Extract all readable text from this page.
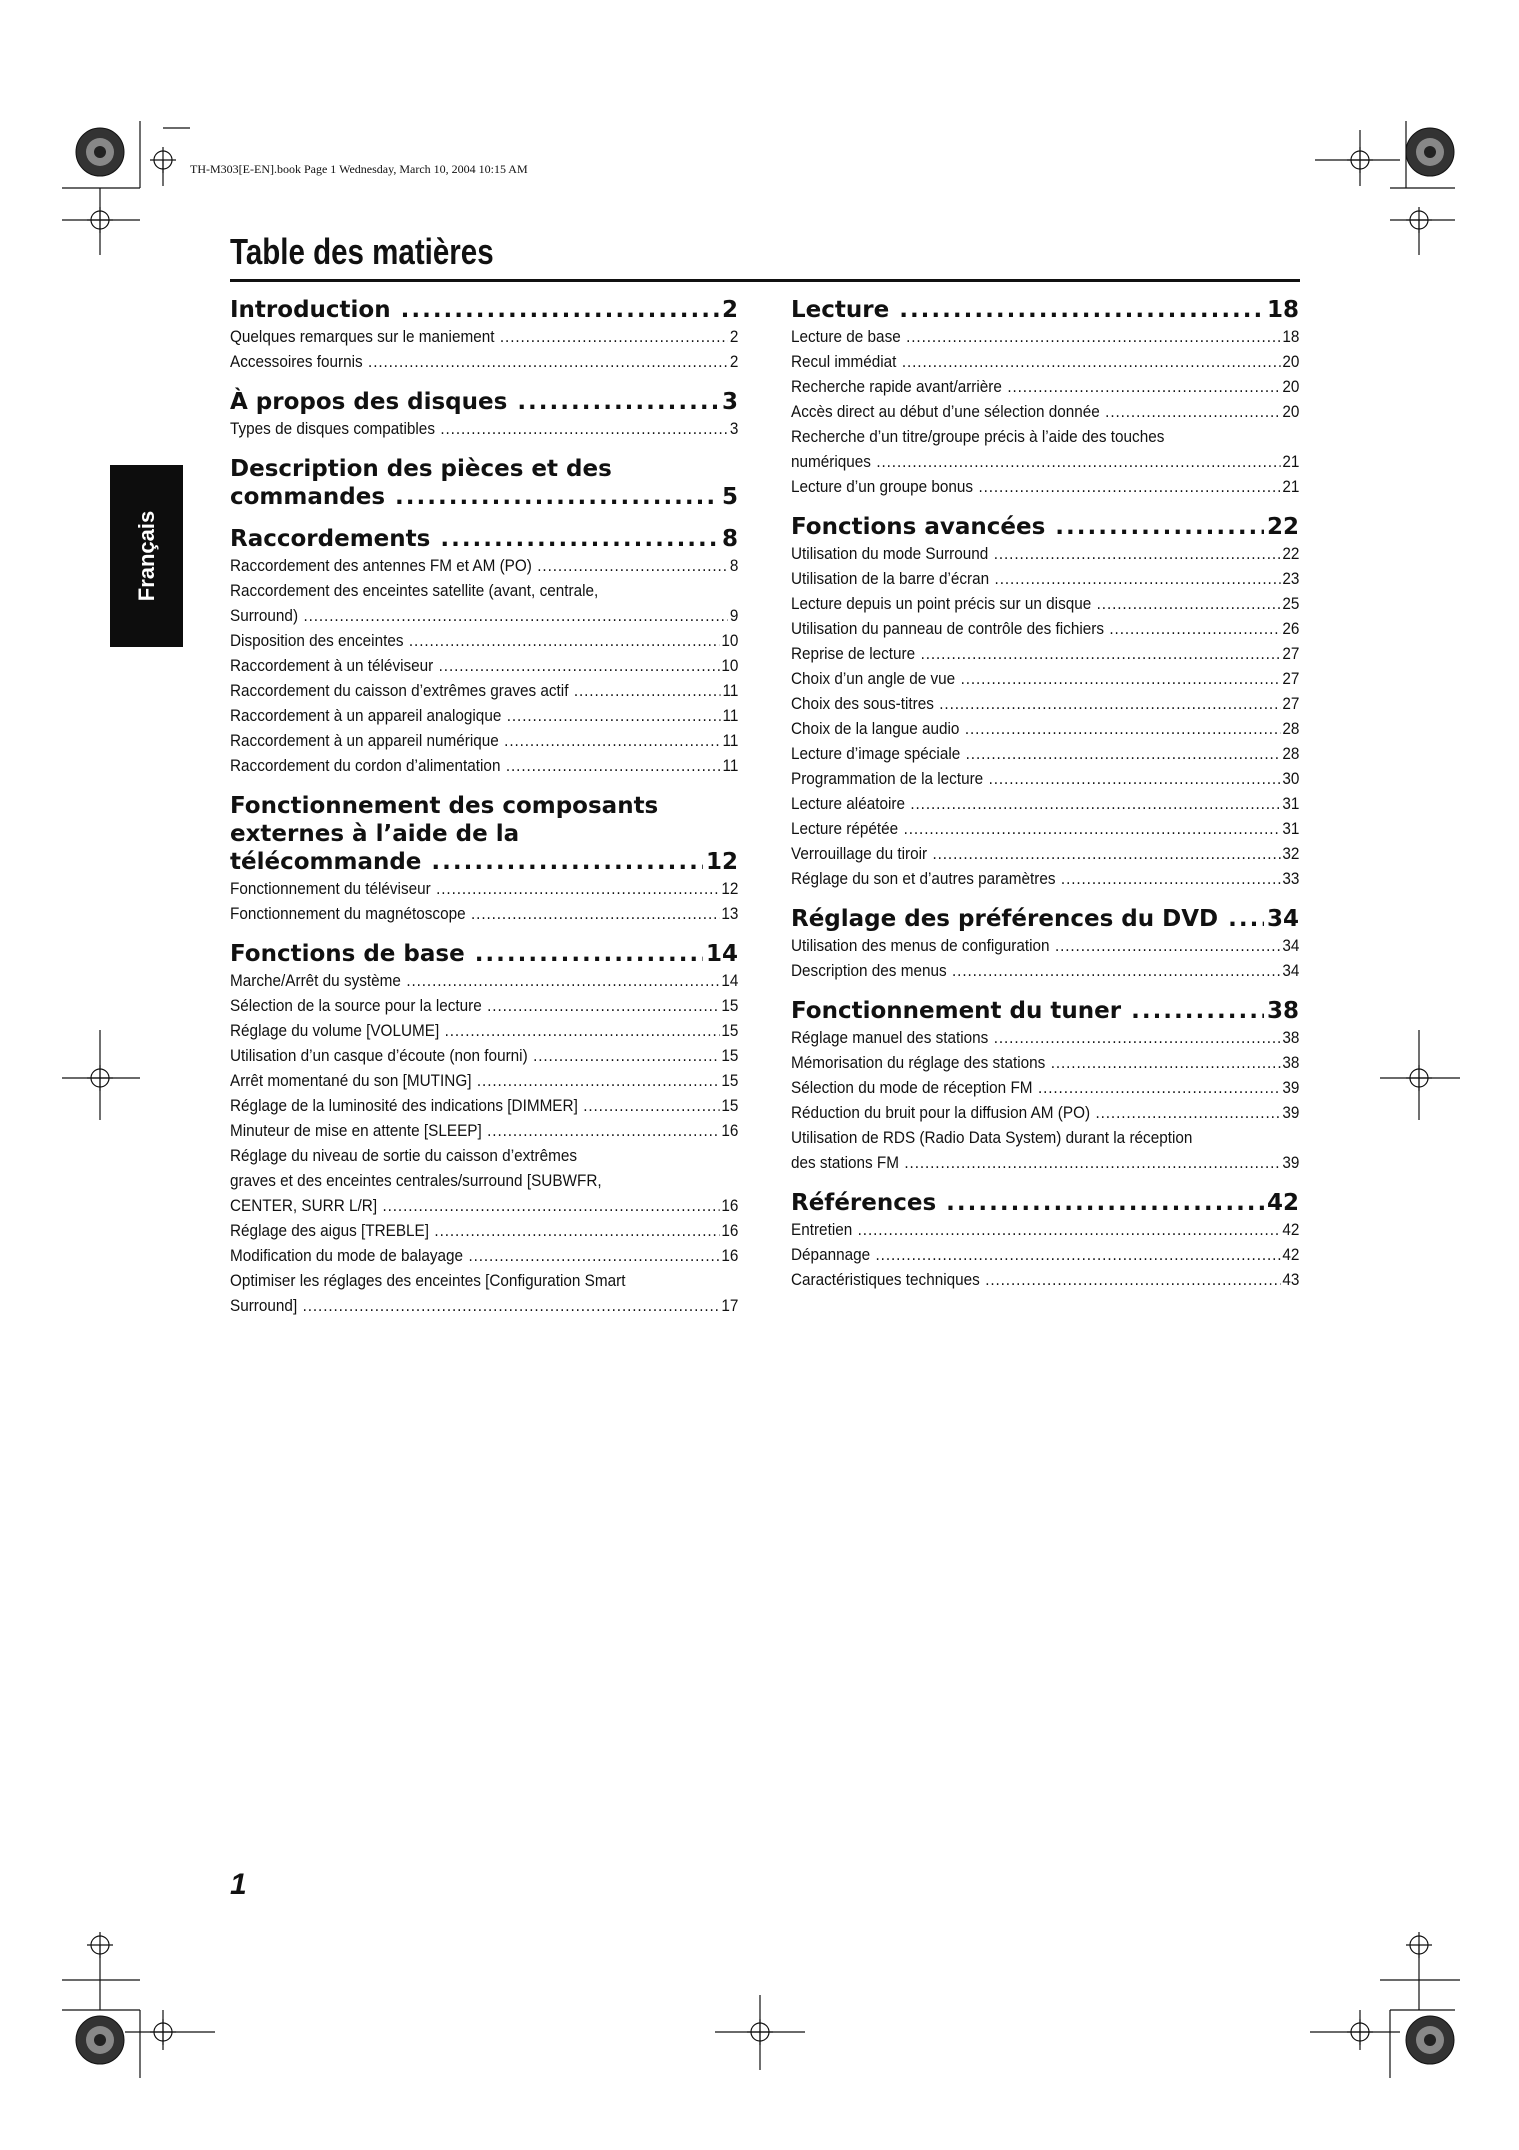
TH-M303[E-EN].book Page 1 Wednesday, March 10, 2004 10:15 AM
Table des matières
Français
Introduction .....	2
Quelques remarques sur le maniement .....	2
Accessoires fournis .....	2
À propos des disques .....	3
Types de disques compatibles .....	3
Description des pièces et des
commandes .....	5
Raccordements .....	8
Raccordement des antennes FM et AM (PO) .....	8
Raccordement des enceintes satellite (avant, centrale,
Surround) .....	9
Disposition des enceintes .....	10
Raccordement à un téléviseur .....	10
Raccordement du caisson d’extrêmes graves actif .....	11
Raccordement à un appareil analogique .....	11
Raccordement à un appareil numérique .....	11
Raccordement du cordon d’alimentation .....	11
Fonctionnement des composants
externes à l’aide de la
télécommande .....	12
Fonctionnement du téléviseur .....	12
Fonctionnement du magnétoscope .....	13
Fonctions de base .....	14
Marche/Arrêt du système .....	14
Sélection de la source pour la lecture .....	15
Réglage du volume [VOLUME] .....	15
Utilisation d’un casque d’écoute (non fourni) .....	15
Arrêt momentané du son [MUTING] .....	15
Réglage de la luminosité des indications [DIMMER] .....	15
Minuteur de mise en attente [SLEEP] .....	16
Réglage du niveau de sortie du caisson d’extrêmes
graves et des enceintes centrales/surround [SUBWFR,
CENTER, SURR L/R] .....	16
Réglage des aigus [TREBLE] .....	16
Modification du mode de balayage .....	16
Optimiser les réglages des enceintes [Configuration Smart
Surround] .....	17
Lecture .....	18
Lecture de base .....	18
Recul immédiat .....	20
Recherche rapide avant/arrière .....	20
Accès direct au début d’une sélection donnée .....	20
Recherche d’un titre/groupe précis à l’aide des touches
numériques .....	21
Lecture d’un groupe bonus .....	21
Fonctions avancées .....	22
Utilisation du mode Surround .....	22
Utilisation de la barre d’écran .....	23
Lecture depuis un point précis sur un disque .....	25
Utilisation du panneau de contrôle des fichiers .....	26
Reprise de lecture .....	27
Choix d’un angle de vue .....	27
Choix des sous-titres .....	27
Choix de la langue audio .....	28
Lecture d’image spéciale .....	28
Programmation de la lecture .....	30
Lecture aléatoire .....	31
Lecture répétée .....	31
Verrouillage du tiroir .....	32
Réglage du son et d’autres paramètres .....	33
Réglage des préférences du DVD ..... 34
Utilisation des menus de configuration .....	34
Description des menus .....	34
Fonctionnement du tuner .....	38
Réglage manuel des stations .....	38
Mémorisation du réglage des stations .....	38
Sélection du mode de réception FM .....	39
Réduction du bruit pour la diffusion AM (PO) .....	39
Utilisation de RDS (Radio Data System) durant la réception
des stations FM .....	39
Références .....	42
Entretien .....	42
Dépannage .....	42
Caractéristiques techniques .....	43
1
